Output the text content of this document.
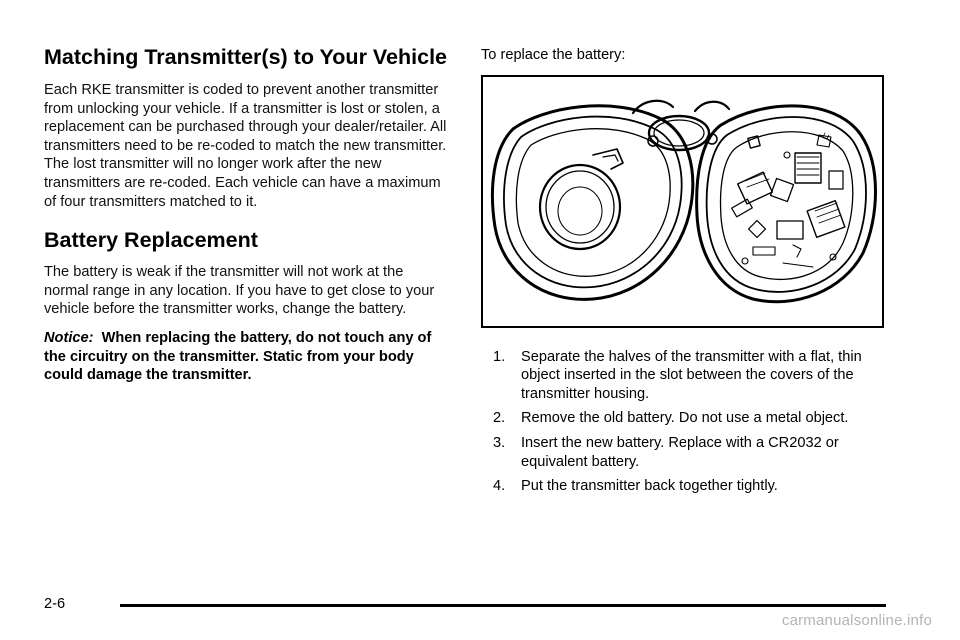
Matching Transmitter(s) to Your Vehicle

Each RKE transmitter is coded to prevent another transmitter from unlocking your vehicle. If a transmitter is lost or stolen, a replacement can be purchased through your dealer/retailer. All transmitters need to be re-coded to match the new transmitter. The lost transmitter will no longer work after the new transmitters are re-coded. Each vehicle can have a maximum of four transmitters matched to it.

Battery Replacement

The battery is weak if the transmitter will not work at the normal range in any location. If you have to get close to your vehicle before the transmitter works, change the battery.

Notice: When replacing the battery, do not touch any of the circuitry on the transmitter. Static from your body could damage the transmitter.

To replace the battery:

1.	Separate the halves of the transmitter with a flat, thin object inserted in the slot between the covers of the transmitter housing.
2.	Remove the old battery. Do not use a metal object.
3.	Insert the new battery. Replace with a CR2032 or equivalent battery.
4.	Put the transmitter back together tightly.
2-6
carmanualsonline.info
